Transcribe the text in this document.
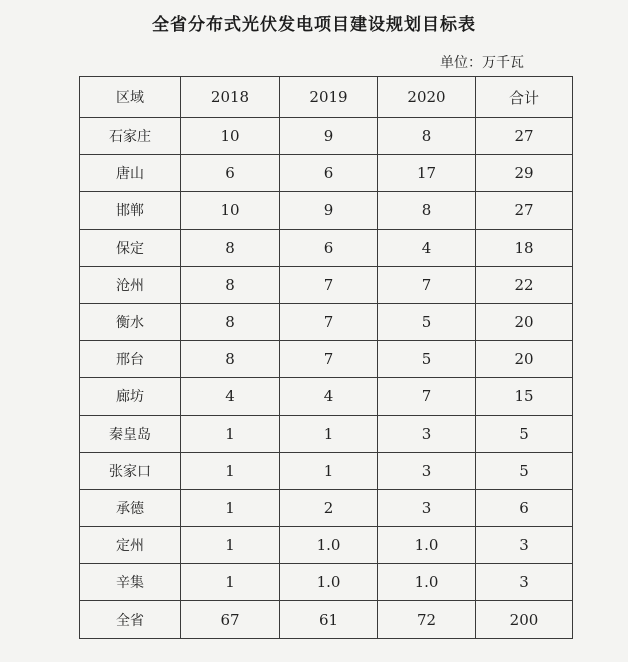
全省分布式光伏发电项目建设规划目标表
单位：万千瓦
区域	2018	2019	2020	合计
石家庄	10	9	8	27
唐山	6	6	17	29
邯郸	10	9	8	27
保定	8	6	4	18
沧州	8	7	7	22
衡水	8	7	5	20
邢台	8	7	5	20
廊坊	4	4	7	15
秦皇岛	1	1	3	5
张家口	1	1	3	5
承德	1	2	3	6
定州	1	1.0	1.0	3
辛集	1	1.0	1.0	3
全省	67	61	72	200
